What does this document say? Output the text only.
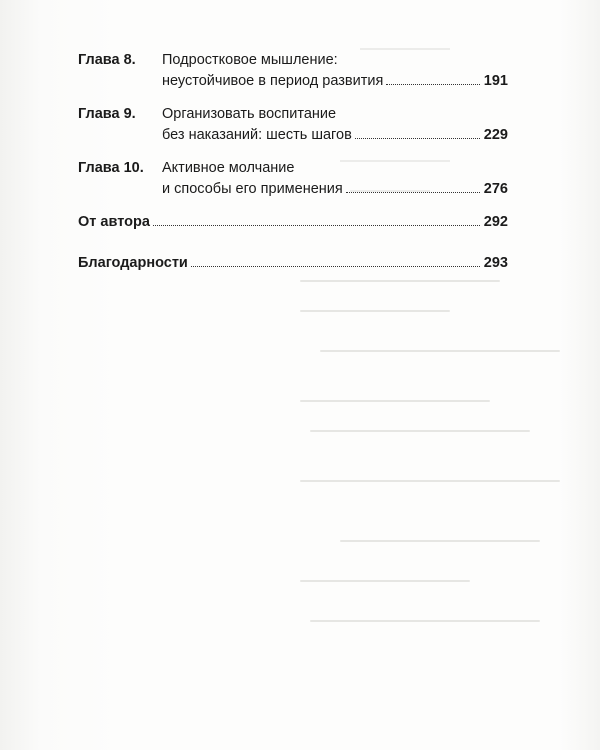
Глава 8.	Подростковое мышление:
неустойчивое в период развития	191
Глава 9.	Организовать воспитание
без наказаний: шесть шагов	229
Глава 10.	Активное молчание
и способы его применения	276
От автора	292
Благодарности	293
